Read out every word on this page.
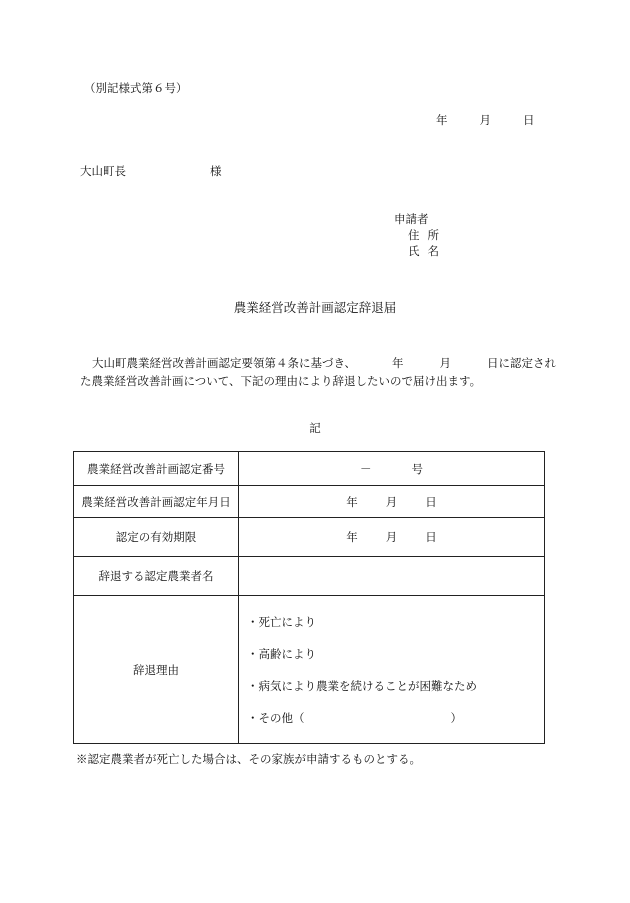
（別記様式第６号）
年	月	日
大山町長	様
申請者
住所
氏名
農業経営改善計画認定辞退届
大山町農業経営改善計画認定要領第４条に基づき、	年	月	日に認定された農業経営改善計画について、下記の理由により辞退したいので届け出ます。
記
農業経営改善計画認定番号	－ 号
農業経営改善計画認定年月日	年 月 日
認定の有効期限	年 月 日
辞退する認定農業者名	
辞退理由	・死亡により
・高齢により
・病気により農業を続けることが困難なため
・その他（ ）
※認定農業者が死亡した場合は、その家族が申請するものとする。
